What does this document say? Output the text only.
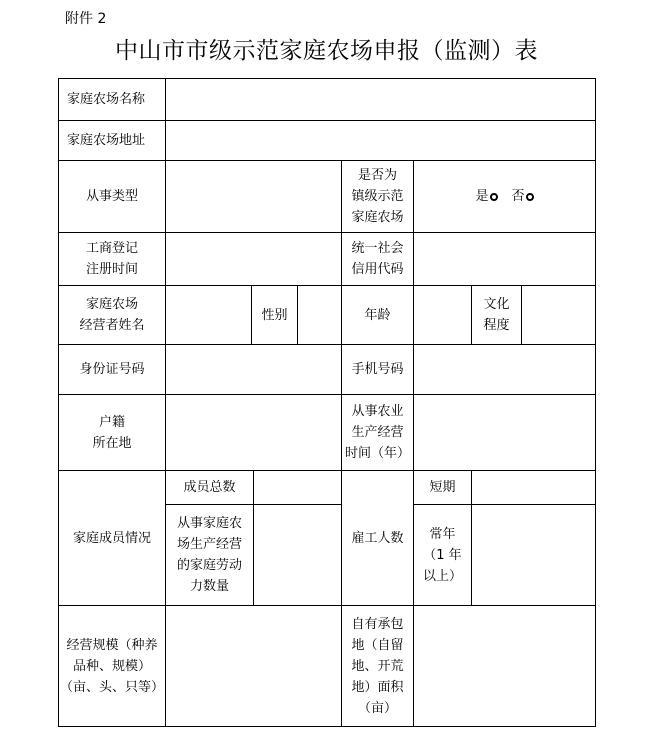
附件 2
中山市市级示范家庭农场申报（监测）表
家庭农场名称
家庭农场地址
从事类型
是否为
镇级示范
家庭农场
是 否
工商登记
注册时间
统一社会
信用代码
家庭农场
经营者姓名
性别	年龄
文化
程度
身份证号码	手机号码
户籍
所在地
从事农业
生产经营
时间（年）
家庭成员情况
成员总数
从事家庭农
场生产经营
的家庭劳动
力数量
雇工人数
短期
常年
（1 年
以上）
经营规模（种养
品种、规模）
（亩、头、只等）
自有承包
地（自留
地、开荒
地）面积
（亩）
